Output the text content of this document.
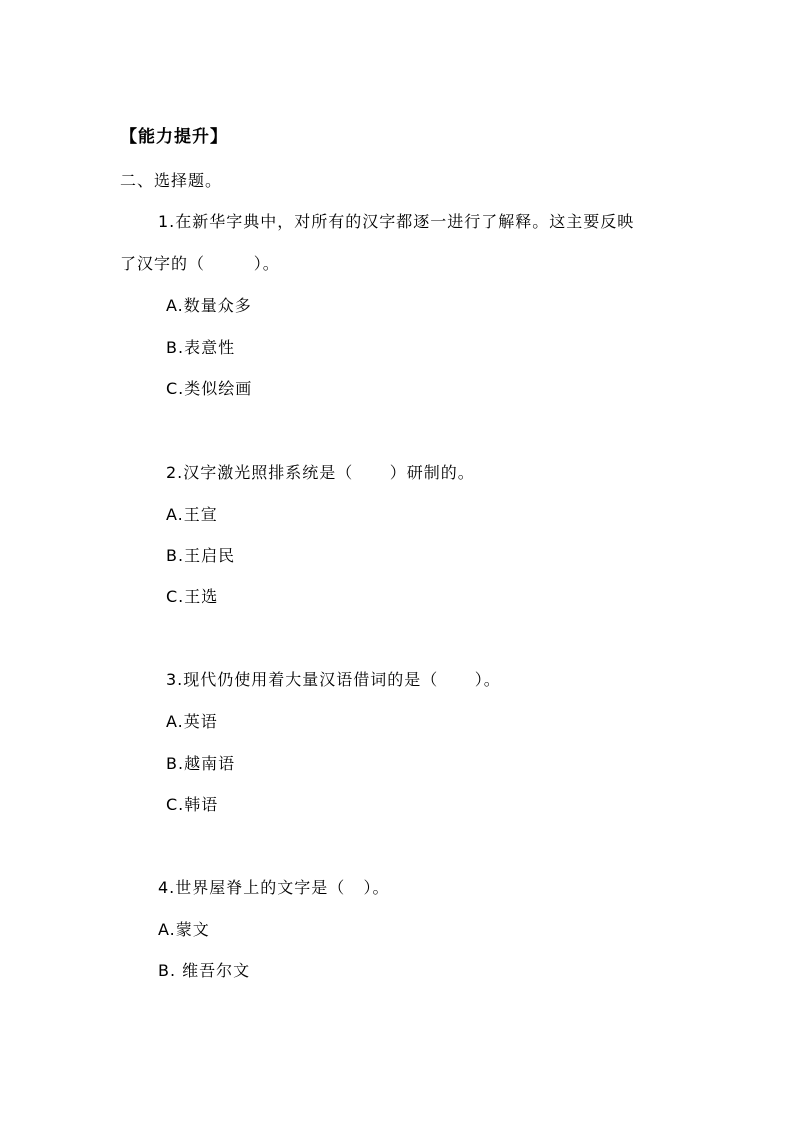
【能力提升】
二、选择题。
1.在新华字典中，对所有的汉字都逐一进行了解释。这主要反映
了汉字的（        ）。
A.数量众多
B.表意性
C.类似绘画
2.汉字激光照排系统是（      ）研制的。
A.王宣
B.王启民
C.王选
3.现代仍使用着大量汉语借词的是（      ）。
A.英语
B.越南语
C.韩语
4.世界屋脊上的文字是（   ）。
A.蒙文
B. 维吾尔文
